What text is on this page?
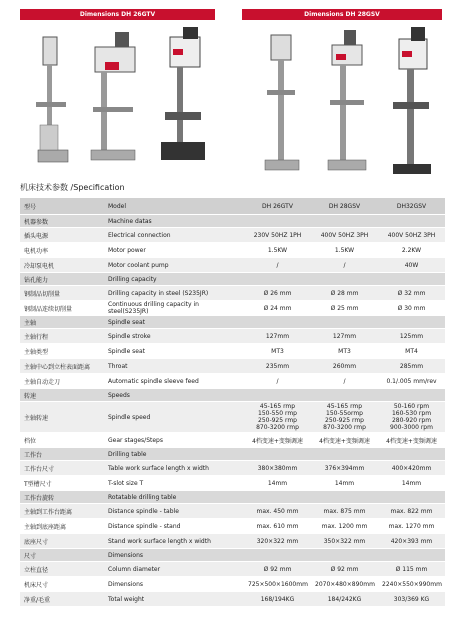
Dimensions DH 26GTV	Dimensions DH 28GSV
机床技术参数 /Specification
型号	Model	DH 26GTV	DH 28GSV	DH32GSV
机器参数	Machine datas			
插头电源	Electrical connection	230V 50HZ 1PH	400V 50HZ 3PH	400V 50HZ 3PH
电机功率	Motor power	1.5KW	1.5KW	2.2KW
冷却泵电机	Motor coolant pump	/	/	40W
钻孔能力	Drilling capacity			
钢制品切削量	Drilling capacity in steel (S235JR)	Ø 26 mm	Ø 28 mm	Ø 32 mm
钢制品连续切削量	Continuous drilling capacity in steel(S235JR)	Ø 24 mm	Ø 25 mm	Ø 30 mm
主轴	Spindle seat			
主轴行程	Spindle stroke	127mm	127mm	125mm
主轴类型	Spindle seat	MT3	MT3	MT4
主轴中心到立柱表面距离	Throat	235mm	260mm	285mm
主轴自动走刀	Automatic spindle sleeve feed	/	/	0.1/.005 mm/rev
转速	Speeds			
主轴转速	Spindle speed	45-165 rmp
150-550 rmp
250-925 rmp
870-3200 rmp	45-165 rmp
150-55ormp
250-925 rmp
870-3200 rmp	50-160 rpm
160-530 rpm
280-920 rpm
900-3000 rpm

档位	Gear stages/Steps	4档变速+变频调速	4档变速+变频调速	4档变速+变频调速
工作台	Drilling table			
工作台尺寸	Table work surface length x width	380×380mm	376×394mm	400×420mm
T型槽尺寸	T-slot size T	14mm	14mm	14mm
工作台旋转	Rotatable drilling table			
主轴到工作台距离	Distance spindle - table	max. 450 mm	max. 875 mm	max. 822 mm
主轴到底座距离	Distance spindle - stand	max. 610 mm	max. 1200 mm	max. 1270 mm
底座尺寸	Stand work surface length x width	320×322 mm	350×322 mm	420×393 mm
尺寸	Dimensions			
立柱直径	Column diameter	Ø 92 mm	Ø 92 mm	Ø 115 mm
机床尺寸	Dimensions	725×500×1600mm	2070×480×890mm	2240×550×990mm
净重/毛重	Total weight	168/194KG	184/242KG	303/369 KG
